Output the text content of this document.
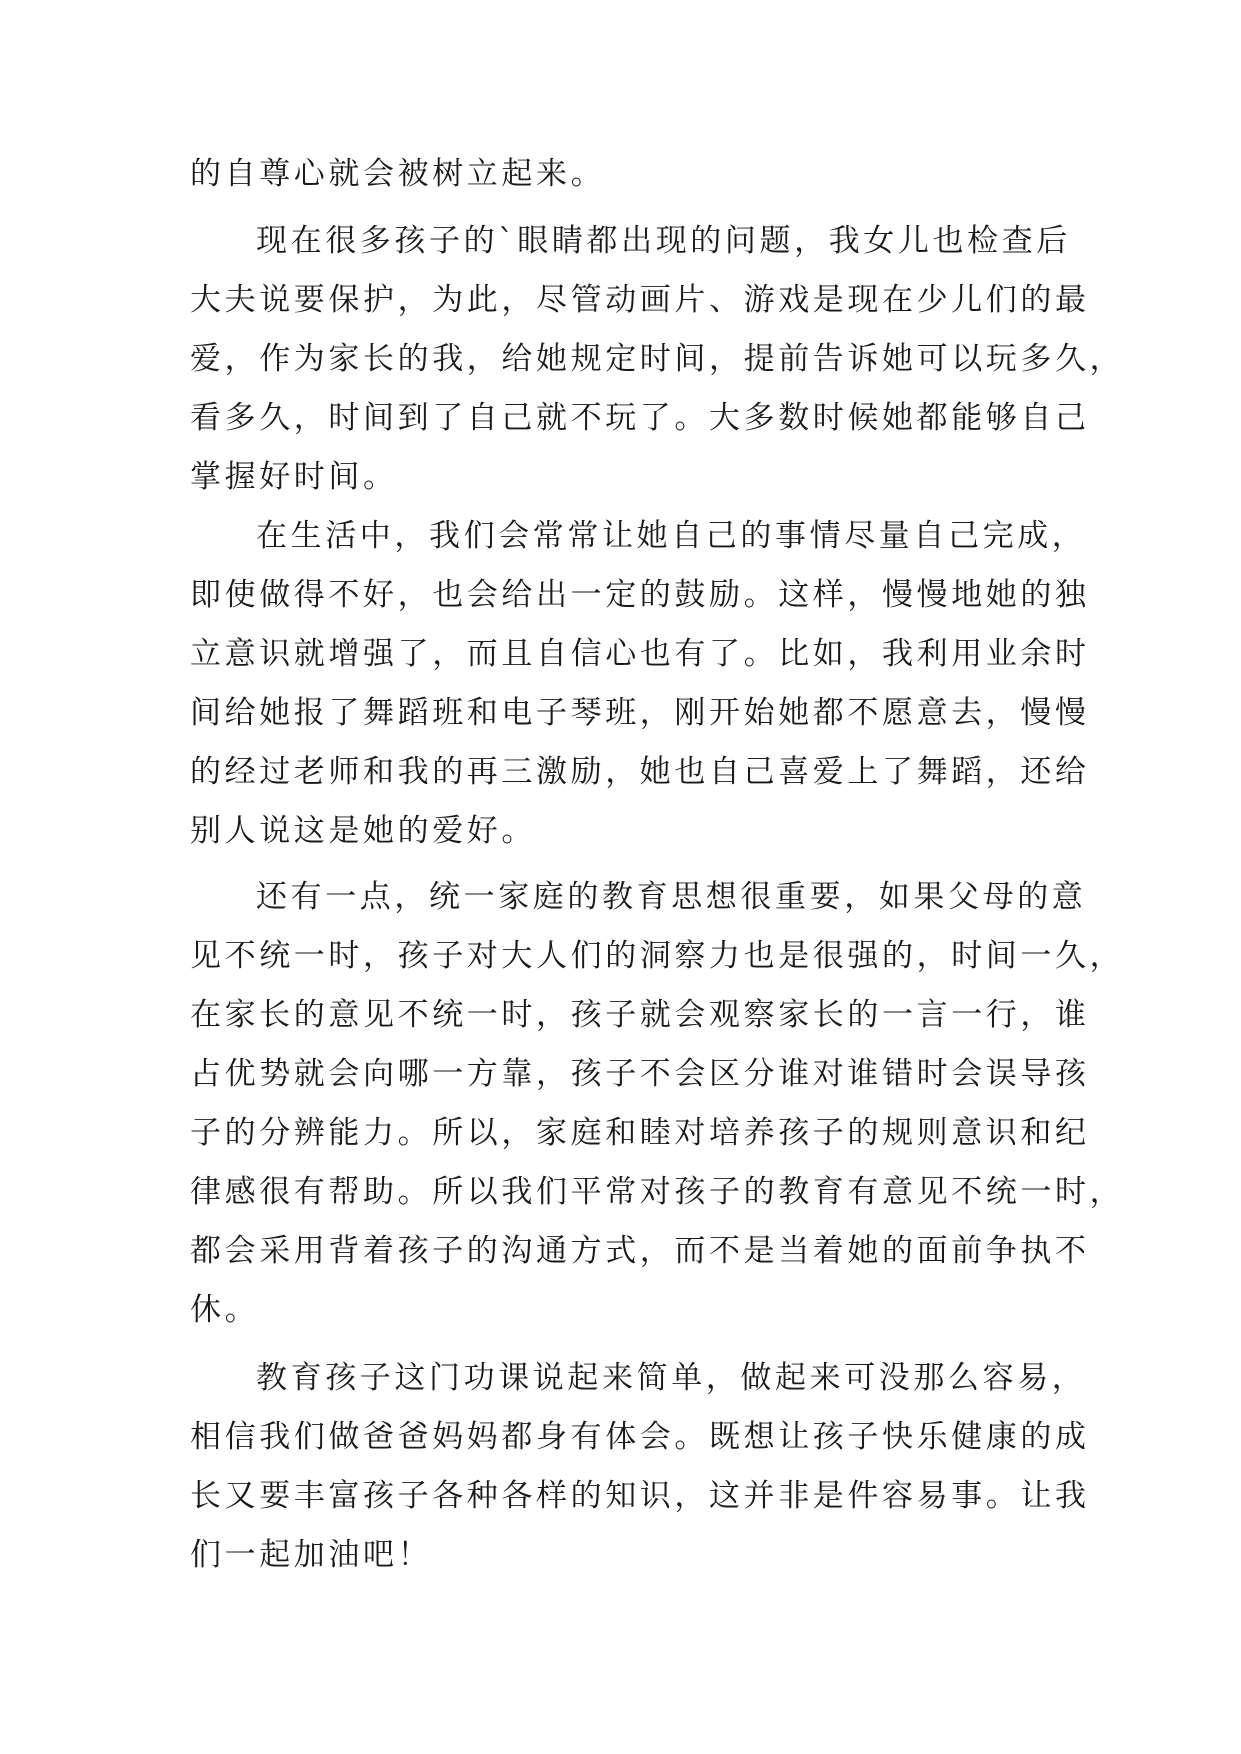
的自尊心就会被树立起来。
现在很多孩子的`眼睛都出现的问题，我女儿也检查后
大夫说要保护，为此，尽管动画片、游戏是现在少儿们的最
爱，作为家长的我，给她规定时间，提前告诉她可以玩多久，
看多久，时间到了自己就不玩了。大多数时候她都能够自己
掌握好时间。
在生活中，我们会常常让她自己的事情尽量自己完成，
即使做得不好，也会给出一定的鼓励。这样，慢慢地她的独
立意识就增强了，而且自信心也有了。比如，我利用业余时
间给她报了舞蹈班和电子琴班，刚开始她都不愿意去，慢慢
的经过老师和我的再三激励，她也自己喜爱上了舞蹈，还给
别人说这是她的爱好。
还有一点，统一家庭的教育思想很重要，如果父母的意
见不统一时，孩子对大人们的洞察力也是很强的，时间一久，
在家长的意见不统一时，孩子就会观察家长的一言一行，谁
占优势就会向哪一方靠，孩子不会区分谁对谁错时会误导孩
子的分辨能力。所以，家庭和睦对培养孩子的规则意识和纪
律感很有帮助。所以我们平常对孩子的教育有意见不统一时，
都会采用背着孩子的沟通方式，而不是当着她的面前争执不
休。
教育孩子这门功课说起来简单，做起来可没那么容易，
相信我们做爸爸妈妈都身有体会。既想让孩子快乐健康的成
长又要丰富孩子各种各样的知识，这并非是件容易事。让我
们一起加油吧！
